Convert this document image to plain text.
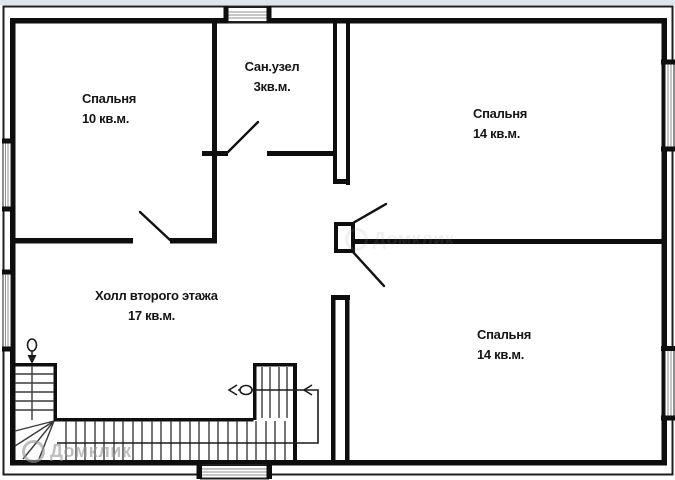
Спальня
10 кв.м.
Сан.узел
3кв.м.
Спальня
14 кв.м.
Холл второго этажа
17 кв.м.
Спальня
14 кв.м.
Домклик
Домклик
